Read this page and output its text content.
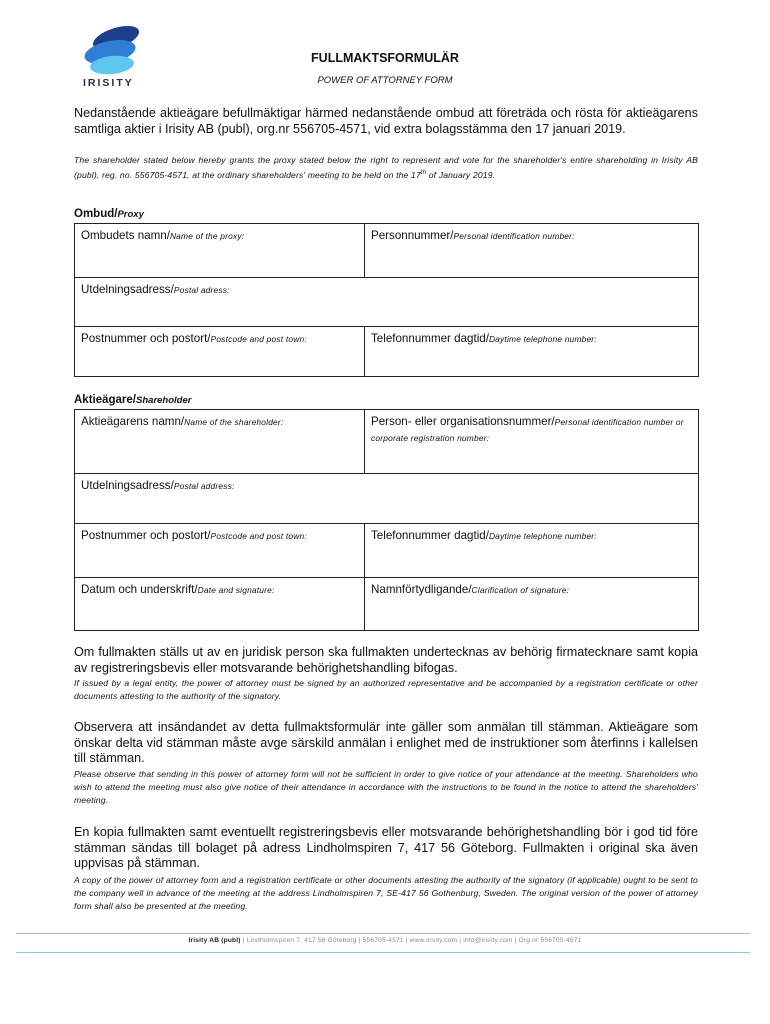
IRISITY
FULLMAKTSFORMULÄR
POWER OF ATTORNEY FORM
Nedanstående aktieägare befullmäktigar härmed nedanstående ombud att företräda och rösta för aktieägarens samtliga aktier i Irisity AB (publ), org.nr 556705-4571, vid extra bolagsstämma den 17 januari 2019.
The shareholder stated below hereby grants the proxy stated below the right to represent and vote for the shareholder's entire shareholding in Irisity AB (publ), reg. no. 556705-4571, at the ordinary shareholders' meeting to be held on the 17th of January 2019.
Ombud/Proxy
Ombudets namn/Name of the proxy:	Personnummer/Personal identification number:
Utdelningsadress/Postal adress:	
Postnummer och postort/Postcode and post town:	Telefonnummer dagtid/Daytime telephone number:
Aktieägare/Shareholder
Aktieägarens namn/Name of the shareholder:	Person- eller organisationsnummer/Personal identification number or corporate registration number:
Utdelningsadress/Postal address:	
Postnummer och postort/Postcode and post town:	Telefonnummer dagtid/Daytime telephone number:
Datum och underskrift/Date and signature:	Namnförtydligande/Clarification of signature:
Om fullmakten ställs ut av en juridisk person ska fullmakten undertecknas av behörig firmatecknare samt kopia av registreringsbevis eller motsvarande behörighetshandling bifogas.
If issued by a legal entity, the power of attorney must be signed by an authorized representative and be accompanied by a registration certificate or other documents attesting to the authority of the signatory.
Observera att insändandet av detta fullmaktsformulär inte gäller som anmälan till stämman. Aktieägare som önskar delta vid stämman måste avge särskild anmälan i enlighet med de instruktioner som återfinns i kallelsen till stämman.
Please observe that sending in this power of attorney form will not be sufficient in order to give notice of your attendance at the meeting. Shareholders who wish to attend the meeting must also give notice of their attendance in accordance with the instructions to be found in the notice to attend the shareholders' meeting.
En kopia fullmakten samt eventuellt registreringsbevis eller motsvarande behörighetshandling bör i god tid före stämman sändas till bolaget på adress Lindholmspiren 7, 417 56 Göteborg. Fullmakten i original ska även uppvisas på stämman.
A copy of the power of attorney form and a registration certificate or other documents attesting the authority of the signatory (if applicable) ought to be sent to the company well in advance of the meeting at the address Lindholmspiren 7, SE-417 56 Gothenburg, Sweden. The original version of the power of attorney form shall also be presented at the meeting.
Irisity AB (publ) | Lindholmspiren 7, 417 56 Göteborg | 556705-4571 | www.irisity.com | info@irisity.com | Org.nr 556705-4571
